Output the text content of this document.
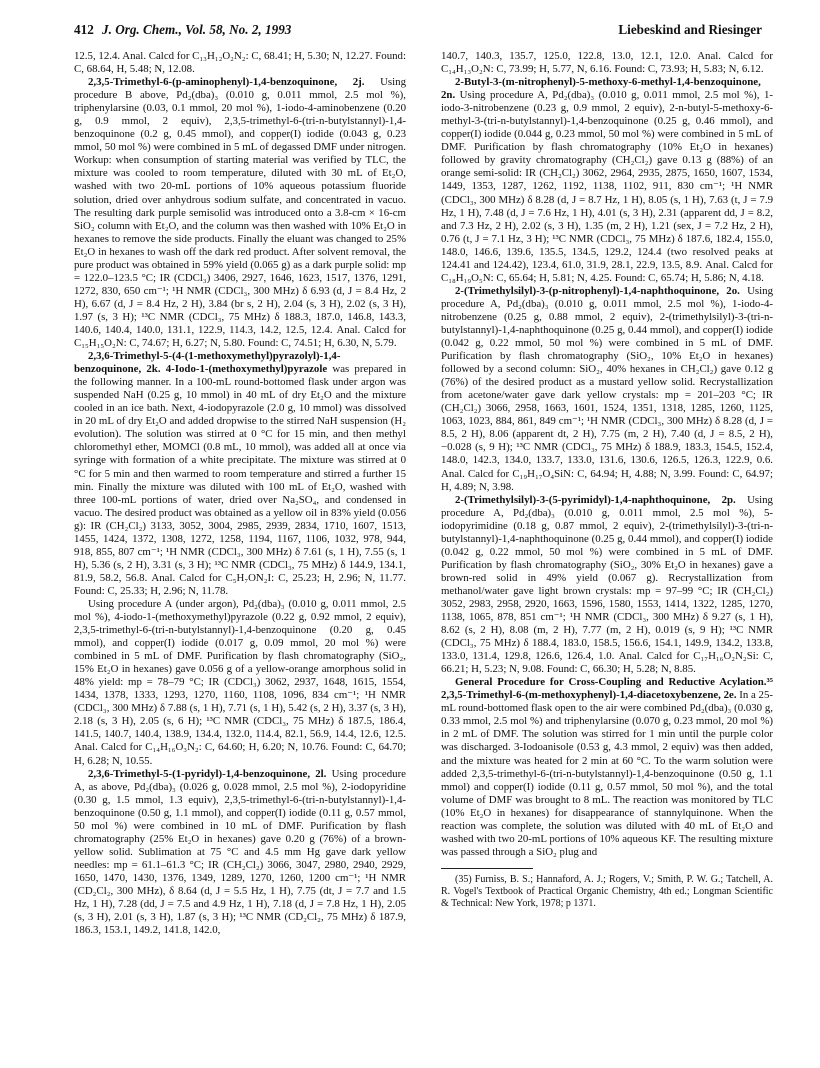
412 J. Org. Chem., Vol. 58, No. 2, 1993	Liebeskind and Riesinger

12.5, 12.4. Anal. Calcd for C₁₃H₁₂O₂N₂: C, 68.41; H, 5.30; N, 12.27. Found: C, 68.64, H, 5.48; N, 12.08.

2,3,5-Trimethyl-6-(p-aminophenyl)-1,4-benzoquinone, 2j. Using procedure B above, Pd₂(dba)₃ (0.010 g, 0.011 mmol, 2.5 mol %), triphenylarsine (0.03, 0.1 mmol, 20 mol %), 1-iodo-4-aminobenzene (0.20 g, 0.9 mmol, 2 equiv), 2,3,5-trimethyl-6-(tri-n-butylstannyl)-1,4-benzoquinone (0.2 g, 0.45 mmol), and copper(I) iodide (0.043 g, 0.23 mmol, 50 mol %) were combined in 5 mL of degassed DMF under nitrogen. Workup: when consumption of starting material was verified by TLC, the mixture was cooled to room temperature, diluted with 30 mL of Et₂O, washed with two 20-mL portions of 10% aqueous potassium fluoride solution, dried over anhydrous sodium sulfate, and concentrated in vacuo. The resulting dark purple semisolid was introduced onto a 3.8-cm × 16-cm SiO₂ column with Et₂O, and the column was then washed with 10% Et₂O in hexanes to remove the side products. Finally the eluant was changed to 25% Et₂O in hexanes to wash off the dark red product. After solvent removal, the pure product was obtained in 59% yield (0.065 g) as a dark purple solid: mp = 122.0–123.5 °C; IR (CDCl₃) 3406, 2927, 1646, 1623, 1517, 1376, 1291, 1272, 830, 650 cm⁻¹; ¹H NMR (CDCl₃, 300 MHz) δ 6.93 (d, J = 8.4 Hz, 2 H), 6.67 (d, J = 8.4 Hz, 2 H), 3.84 (br s, 2 H), 2.04 (s, 3 H), 2.02 (s, 3 H), 1.97 (s, 3 H); ¹³C NMR (CDCl₃, 75 MHz) δ 188.3, 187.0, 146.8, 143.3, 140.6, 140.4, 140.0, 131.1, 122.9, 114.3, 14.2, 12.5, 12.4. Anal. Calcd for C₁₅H₁₅O₂N: C, 74.67; H, 6.27; N, 5.80. Found: C, 74.51; H, 6.30, N, 5.79.

2,3,6-Trimethyl-5-(4-(1-methoxymethyl)pyrazolyl)-1,4-benzoquinone, 2k. 4-Iodo-1-(methoxymethyl)pyrazole was prepared in the following manner. In a 100-mL round-bottomed flask under argon was suspended NaH (0.25 g, 10 mmol) in 40 mL of dry Et₂O and the mixture cooled in an ice bath. Next, 4-iodopyrazole (2.0 g, 10 mmol) was dissolved in 20 mL of dry Et₂O and added dropwise to the stirred NaH suspension (H₂ evolution). The solution was stirred at 0 °C for 15 min, and then methyl chloromethyl ether, MOMCl (0.8 mL, 10 mmol), was added all at once via syringe with formation of a white precipitate. The mixture was stirred at 0 °C for 5 min and then warmed to room temperature and stirred a further 15 min. Finally the mixture was diluted with 100 mL of Et₂O, washed with three 100-mL portions of water, dried over Na₂SO₄, and condensed in vacuo. The desired product was obtained as a yellow oil in 83% yield (0.056 g): IR (CH₂Cl₂) 3133, 3052, 3004, 2985, 2939, 2834, 1710, 1607, 1513, 1455, 1424, 1372, 1308, 1272, 1258, 1194, 1167, 1106, 1032, 978, 944, 918, 855, 807 cm⁻¹; ¹H NMR (CDCl₃, 300 MHz) δ 7.61 (s, 1 H), 7.55 (s, 1 H), 5.36 (s, 2 H), 3.31 (s, 3 H); ¹³C NMR (CDCl₃, 75 MHz) δ 144.9, 134.1, 81.9, 58.2, 56.8. Anal. Calcd for C₅H₇ON₂I: C, 25.23; H, 2.96; N, 11.77. Found: C, 25.33; H, 2.96; N, 11.78.

Using procedure A (under argon), Pd₂(dba)₃ (0.010 g, 0.011 mmol, 2.5 mol %), 4-iodo-1-(methoxymethyl)pyrazole (0.22 g, 0.92 mmol, 2 equiv), 2,3,5-trimethyl-6-(tri-n-butylstannyl)-1,4-benzoquinone (0.20 g, 0.45 mmol), and copper(I) iodide (0.017 g, 0.09 mmol, 20 mol %) were combined in 5 mL of DMF. Purification by flash chromatography (SiO₂, 15% Et₂O in hexanes) gave 0.056 g of a yellow-orange amorphous solid in 48% yield: mp = 78–79 °C; IR (CDCl₃) 3062, 2937, 1648, 1615, 1554, 1434, 1378, 1333, 1293, 1270, 1160, 1108, 1096, 834 cm⁻¹; ¹H NMR (CDCl₃, 300 MHz) δ 7.88 (s, 1 H), 7.71 (s, 1 H), 5.42 (s, 2 H), 3.37 (s, 3 H), 2.18 (s, 3 H), 2.05 (s, 6 H); ¹³C NMR (CDCl₃, 75 MHz) δ 187.5, 186.4, 141.5, 140.7, 140.4, 138.9, 134.4, 132.0, 114.4, 82.1, 56.9, 14.4, 12.6, 12.5. Anal. Calcd for C₁₄H₁₆O₃N₂: C, 64.60; H, 6.20; N, 10.76. Found: C, 64.70; H, 6.28; N, 10.55.

2,3,6-Trimethyl-5-(1-pyridyl)-1,4-benzoquinone, 2l. Using procedure A, as above, Pd₂(dba)₃ (0.026 g, 0.028 mmol, 2.5 mol %), 2-iodopyridine (0.30 g, 1.5 mmol, 1.3 equiv), 2,3,5-trimethyl-6-(tri-n-butylstannyl)-1,4-benzoquinone (0.50 g, 1.1 mmol), and copper(I) iodide (0.11 g, 0.57 mmol, 50 mol %) were combined in 10 mL of DMF. Purification by flash chromatography (25% Et₂O in hexanes) gave 0.20 g (76%) of a brown-yellow solid. Sublimation at 75 °C and 4.5 mm Hg gave dark yellow needles: mp = 61.1–61.3 °C; IR (CH₂Cl₂) 3066, 3047, 2980, 2940, 2929, 1650, 1470, 1430, 1376, 1349, 1289, 1270, 1260, 1200 cm⁻¹; ¹H NMR (CD₂Cl₂, 300 MHz), δ 8.64 (d, J = 5.5 Hz, 1 H), 7.75 (dt, J = 7.7 and 1.5 Hz, 1 H), 7.28 (dd, J = 7.5 and 4.9 Hz, 1 H), 7.18 (d, J = 7.8 Hz, 1 H), 2.05 (s, 3 H), 2.01 (s, 3 H), 1.87 (s, 3 H); ¹³C NMR (CD₂Cl₂, 75 MHz) δ 187.9, 186.3, 153.1, 149.2, 141.8, 142.0,

140.7, 140.3, 135.7, 125.0, 122.8, 13.0, 12.1, 12.0. Anal. Calcd for C₁₄H₁₃O₂N: C, 73.99; H, 5.77, N, 6.16. Found: C, 73.93; H, 5.83; N, 6.12.

2-Butyl-3-(m-nitrophenyl)-5-methoxy-6-methyl-1,4-benzoquinone, 2n. Using procedure A, Pd₂(dba)₃ (0.010 g, 0.011 mmol, 2.5 mol %), 1-iodo-3-nitrobenzene (0.23 g, 0.9 mmol, 2 equiv), 2-n-butyl-5-methoxy-6-methyl-3-(tri-n-butylstannyl)-1,4-benzoquinone (0.25 g, 0.46 mmol), and copper(I) iodide (0.044 g, 0.23 mmol, 50 mol %) were combined in 5 mL of DMF. Purification by flash chromatography (10% Et₂O in hexanes) followed by gravity chromatography (CH₂Cl₂) gave 0.13 g (88%) of an orange semi-solid: IR (CH₂Cl₂) 3062, 2964, 2935, 2875, 1650, 1607, 1534, 1449, 1353, 1287, 1262, 1192, 1138, 1102, 911, 830 cm⁻¹; ¹H NMR (CDCl₃, 300 MHz) δ 8.28 (d, J = 8.7 Hz, 1 H), 8.05 (s, 1 H), 7.63 (t, J = 7.9 Hz, 1 H), 7.48 (d, J = 7.6 Hz, 1 H), 4.01 (s, 3 H), 2.31 (apparent dd, J = 8.2, and 7.3 Hz, 2 H), 2.02 (s, 3 H), 1.35 (m, 2 H), 1.21 (sex, J = 7.2 Hz, 2 H), 0.76 (t, J = 7.1 Hz, 3 H); ¹³C NMR (CDCl₃, 75 MHz) δ 187.6, 182.4, 155.0, 148.0, 146.6, 139.6, 135.5, 134.5, 129.2, 124.4 (two resolved peaks at 124.41 and 124.42), 123.4, 61.0, 31.9, 28.1, 22.9, 13.5, 8.9. Anal. Calcd for C₁₈H₁₉O₅N: C, 65.64; H, 5.81; N, 4.25. Found: C, 65.74; H, 5.86; N, 4.18.

2-(Trimethylsilyl)-3-(p-nitrophenyl)-1,4-naphthoquinone, 2o. Using procedure A, Pd₂(dba)₃ (0.010 g, 0.011 mmol, 2.5 mol %), 1-iodo-4-nitrobenzene (0.25 g, 0.88 mmol, 2 equiv), 2-(trimethylsilyl)-3-(tri-n-butylstannyl)-1,4-naphthoquinone (0.25 g, 0.44 mmol), and copper(I) iodide (0.042 g, 0.22 mmol, 50 mol %) were combined in 5 mL of DMF. Purification by flash chromatography (SiO₂, 10% Et₂O in hexanes) followed by a second column: SiO₂, 40% hexanes in CH₂Cl₂) gave 0.12 g (76%) of the desired product as a mustard yellow solid. Recrystallization from acetone/water gave dark yellow crystals: mp = 201–203 °C; IR (CH₂Cl₂) 3066, 2958, 1663, 1601, 1524, 1351, 1318, 1285, 1260, 1125, 1063, 1023, 884, 861, 849 cm⁻¹; ¹H NMR (CDCl₃, 300 MHz) δ 8.28 (d, J = 8.5, 2 H), 8.06 (apparent dt, 2 H), 7.75 (m, 2 H), 7.40 (d, J = 8.5, 2 H), −0.028 (s, 9 H); ¹³C NMR (CDCl₃, 75 MHz) δ 188.9, 183.3, 154.5, 152.4, 148.0, 142.3, 134.0, 133.7, 133.0, 131.6, 130.6, 126.5, 126.3, 122.9, 0.6. Anal. Calcd for C₁₉H₁₇O₄SiN: C, 64.94; H, 4.88; N, 3.99. Found: C, 64.97; H, 4.89; N, 3.98.

2-(Trimethylsilyl)-3-(5-pyrimidyl)-1,4-naphthoquinone, 2p. Using procedure A, Pd₂(dba)₃ (0.010 g, 0.011 mmol, 2.5 mol %), 5-iodopyrimidine (0.18 g, 0.87 mmol, 2 equiv), 2-(trimethylsilyl)-3-(tri-n-butylstannyl)-1,4-naphthoquinone (0.25 g, 0.44 mmol), and copper(I) iodide (0.042 g, 0.22 mmol, 50 mol %) were combined in 5 mL of DMF. Purification by flash chromatography (SiO₂, 30% Et₂O in hexanes) gave a brown-red solid in 49% yield (0.067 g). Recrystallization from methanol/water gave light brown crystals: mp = 97–99 °C; IR (CH₂Cl₂) 3052, 2983, 2958, 2920, 1663, 1596, 1580, 1553, 1414, 1322, 1285, 1270, 1138, 1065, 878, 851 cm⁻¹; ¹H NMR (CDCl₃, 300 MHz) δ 9.27 (s, 1 H), 8.62 (s, 2 H), 8.08 (m, 2 H), 7.77 (m, 2 H), 0.019 (s, 9 H); ¹³C NMR (CDCl₃, 75 MHz) δ 188.4, 183.0, 158.5, 156.6, 154.1, 149.9, 134.2, 133.8, 133.0, 131.4, 129.8, 126.6, 126.4, 1.0. Anal. Calcd for C₁₇H₁₆O₂N₂Si: C, 66.21; H, 5.23; N, 9.08. Found: C, 66.30; H, 5.28; N, 8.85.

General Procedure for Cross-Coupling and Reductive Acylation.³⁵ 2,3,5-Trimethyl-6-(m-methoxyphenyl)-1,4-diacetoxybenzene, 2e. In a 25-mL round-bottomed flask open to the air were combined Pd₂(dba)₃ (0.030 g, 0.33 mmol, 2.5 mol %) and triphenylarsine (0.070 g, 0.23 mmol, 20 mol %) in 2 mL of DMF. The solution was stirred for 1 min until the purple color was discharged. 3-Iodoanisole (0.53 g, 4.3 mmol, 2 equiv) was then added, and the mixture was heated for 2 min at 60 °C. To the warm solution were added 2,3,5-trimethyl-6-(tri-n-butylstannyl)-1,4-benzoquinone (0.50 g, 1.1 mmol) and copper(I) iodide (0.11 g, 0.57 mmol, 50 mol %), and the total volume of DMF was brought to 8 mL. The reaction was monitored by TLC (10% Et₂O in hexanes) for disappearance of stannylquinone. When the reaction was complete, the solution was diluted with 40 mL of Et₂O and washed with two 20-mL portions of 10% aqueous KF. The resulting mixture was passed through a SiO₂ plug and

(35) Furniss, B. S.; Hannaford, A. J.; Rogers, V.; Smith, P. W. G.; Tatchell, A. R. Vogel's Textbook of Practical Organic Chemistry, 4th ed.; Longman Scientific & Technical: New York, 1978; p 1371.
